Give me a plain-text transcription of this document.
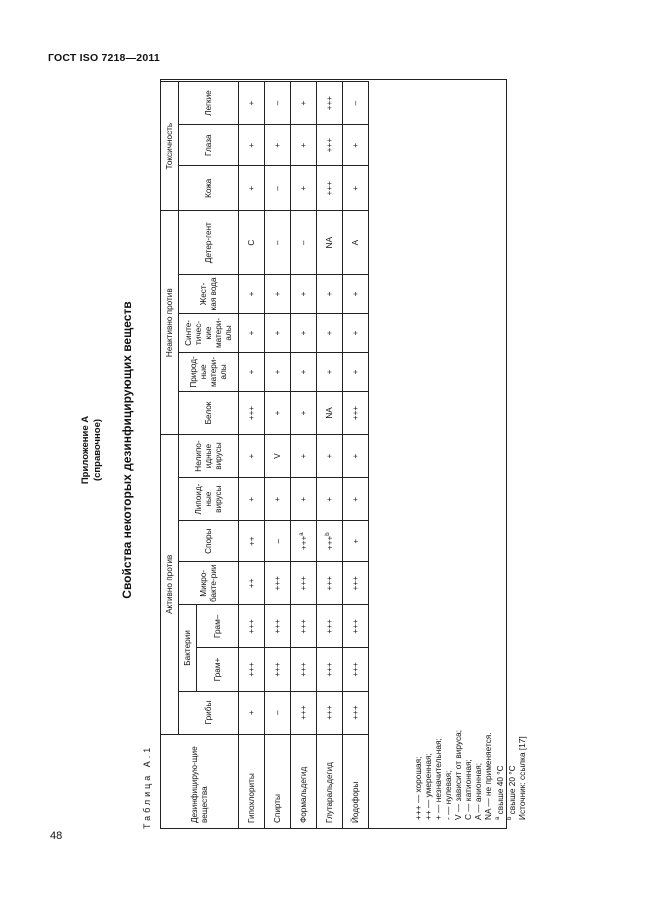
ГОСТ ISO 7218—2011
48
Приложение А (справочное) Свойства некоторых дезинфицирующих веществ
Таблица А.1	Дезинфицирую-щие вещества	Активно против							Неактивно против					Токсичность		
	Грибы	Бактерии		Микро-бакте-рии	Споры	Липоид-ные вирусы	Нелипо-идные вирусы	Белок	Природ-ные матери-алы	Синте-тичес-кие матери-алы	Жест-кая вода	Детер-гент	Кожа	Глаза	Легкие
		Грам+	Грам–												
Гипохлориты	+	+++	+++	++	++	+	+	+++	+	+	+	C	+	+	+
Спирты	–	+++	+++	+++	–	+	V	+	+	+	+	–	–	+	–
Формальдегид	+++	+++	+++	+++	+++$^a$	+	+	+	+	+	+	–	+	+	+
Глутаральдегид	+++	+++	+++	+++	+++$^b$	+	+	NA	+	+	+	NA	+++	+++	+++
Йодофоры	+++	+++	+++	+++	+	+	+	+++	+	+	+	A	+	+	–
+++ — хорошая; ++ — умеренная; + — незначительная; - — нулевая; V — зависит от вируса; C — катионная; A — анионная; NA — не применяется. $^a$ свыше 40 °С
$^b$ свыше 20 °С Источник: ссылка [17]
